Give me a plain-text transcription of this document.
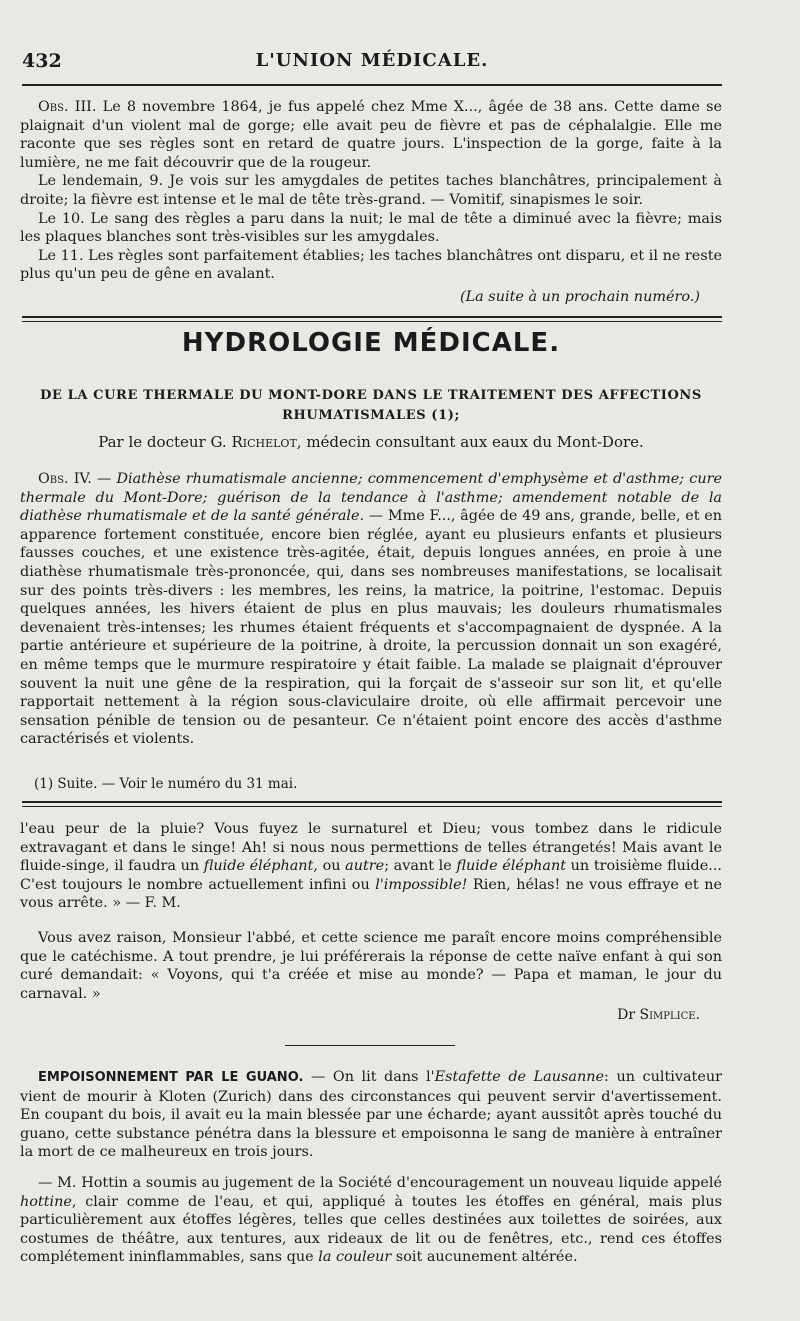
432	L'UNION MÉDICALE.

Obs. III. Le 8 novembre 1864, je fus appelé chez Mme X..., âgée de 38 ans. Cette dame se plaignait d'un violent mal de gorge; elle avait peu de fièvre et pas de céphalalgie. Elle me raconte que ses règles sont en retard de quatre jours. L'inspection de la gorge, faite à la lumière, ne me fait découvrir que de la rougeur.

Le lendemain, 9. Je vois sur les amygdales de petites taches blanchâtres, principalement à droite; la fièvre est intense et le mal de tête très-grand. — Vomitif, sinapismes le soir.

Le 10. Le sang des règles a paru dans la nuit; le mal de tête a diminué avec la fièvre; mais les plaques blanches sont très-visibles sur les amygdales.

Le 11. Les règles sont parfaitement établies; les taches blanchâtres ont disparu, et il ne reste plus qu'un peu de gêne en avalant.

(La suite à un prochain numéro.)
HYDROLOGIE MÉDICALE.
DE LA CURE THERMALE DU MONT-DORE DANS LE TRAITEMENT DES AFFECTIONS RHUMATISMALES (1);
Par le docteur G. Richelot, médecin consultant aux eaux du Mont-Dore.

Obs. IV. — Diathèse rhumatismale ancienne; commencement d'emphysème et d'asthme; cure thermale du Mont-Dore; guérison de la tendance à l'asthme; amendement notable de la diathèse rhumatismale et de la santé générale. — Mme F..., âgée de 49 ans, grande, belle, et en apparence fortement constituée, encore bien réglée, ayant eu plusieurs enfants et plusieurs fausses couches, et une existence très-agitée, était, depuis longues années, en proie à une diathèse rhumatismale très-prononcée, qui, dans ses nombreuses manifestations, se localisait sur des points très-divers : les membres, les reins, la matrice, la poitrine, l'estomac. Depuis quelques années, les hivers étaient de plus en plus mauvais; les douleurs rhumatismales devenaient très-intenses; les rhumes étaient fréquents et s'accompagnaient de dyspnée. A la partie antérieure et supérieure de la poitrine, à droite, la percussion donnait un son exagéré, en même temps que le murmure respiratoire y était faible. La malade se plaignait d'éprouver souvent la nuit une gêne de la respiration, qui la forçait de s'asseoir sur son lit, et qu'elle rapportait nettement à la région sous-claviculaire droite, où elle affirmait percevoir une sensation pénible de tension ou de pesanteur. Ce n'étaient point encore des accès d'asthme caractérisés et violents.

(1) Suite. — Voir le numéro du 31 mai.

l'eau peur de la pluie? Vous fuyez le surnaturel et Dieu; vous tombez dans le ridicule extravagant et dans le singe! Ah! si nous nous permettions de telles étrangetés! Mais avant le fluide-singe, il faudra un fluide éléphant, ou autre; avant le fluide éléphant un troisième fluide... C'est toujours le nombre actuellement infini ou l'impossible! Rien, hélas! ne vous effraye et ne vous arrête. » — F. M.

Vous avez raison, Monsieur l'abbé, et cette science me paraît encore moins compréhensible que le catéchisme. A tout prendre, je lui préférerais la réponse de cette naïve enfant à qui son curé demandait: « Voyons, qui t'a créée et mise au monde? — Papa et maman, le jour du carnaval. »

Dr Simplice.

EMPOISONNEMENT PAR LE GUANO. — On lit dans l'Estafette de Lausanne: un cultivateur vient de mourir à Kloten (Zurich) dans des circonstances qui peuvent servir d'avertissement. En coupant du bois, il avait eu la main blessée par une écharde; ayant aussitôt après touché du guano, cette substance pénétra dans la blessure et empoisonna le sang de manière à entraîner la mort de ce malheureux en trois jours.

— M. Hottin a soumis au jugement de la Société d'encouragement un nouveau liquide appelé hottine, clair comme de l'eau, et qui, appliqué à toutes les étoffes en général, mais plus particulièrement aux étoffes légères, telles que celles destinées aux toilettes de soirées, aux costumes de théâtre, aux tentures, aux rideaux de lit ou de fenêtres, etc., rend ces étoffes complétement ininflammables, sans que la couleur soit aucunement altérée.
